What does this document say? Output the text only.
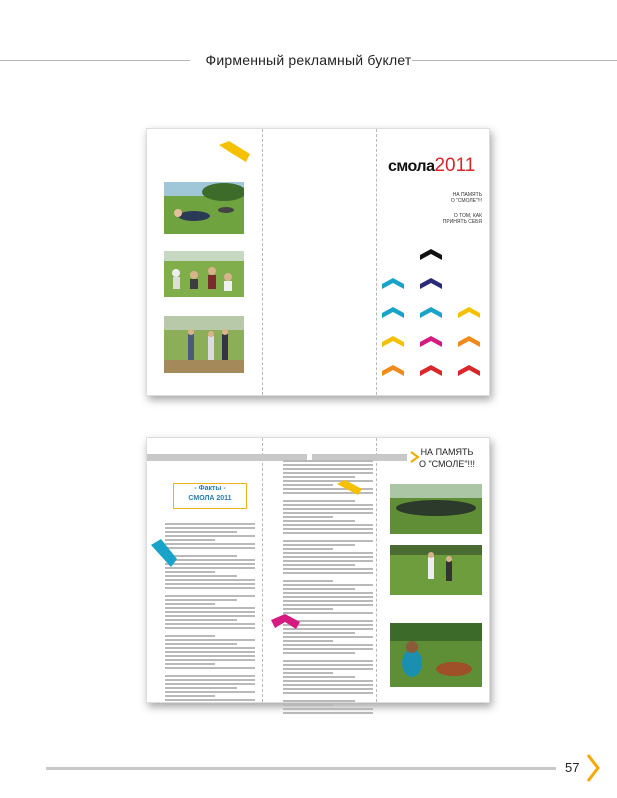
Фирменный рекламный буклет
смола2011
НА ПАМЯТЬ
О "СМОЛЕ"!!!
О ТОМ, КАК
ПРИНЯТЬ СЕБЯ
- Факты -
СМОЛА 2011
НА ПАМЯТЬ
О "СМОЛЕ"!!!
57
